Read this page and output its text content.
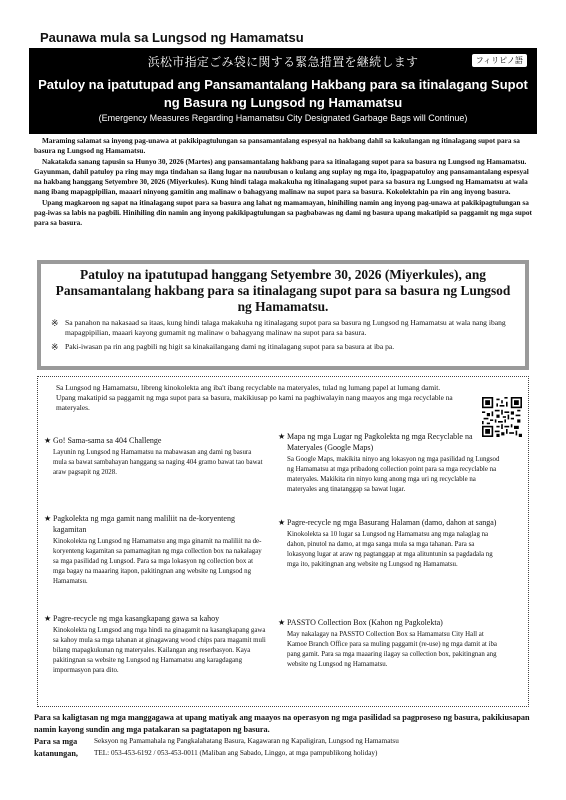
Paunawa mula sa Lungsod ng Hamamatsu
浜松市指定ごみ袋に関する緊急措置を継続します	フィリピノ語
Patuloy na ipatutupad ang Pansamantalang Hakbang para sa itinalagang Supot
ng Basura ng Lungsod ng Hamamatsu
(Emergency Measures Regarding Hamamatsu City Designated Garbage Bags will Continue)

Maraming salamat sa inyong pag-unawa at pakikipagtulungan sa pansamantalang espesyal na hakbang dahil sa kakulangan ng itinalagang supot para sa basura ng Lungsod ng Hamamatsu.

Nakatakda sanang tapusin sa Hunyo 30, 2026 (Martes) ang pansamantalang hakbang para sa itinalagang supot para sa basura ng Lungsod ng Hamamatsu. Gayunman, dahil patuloy pa ring may mga tindahan sa ilang lugar na nauubusan o kulang ang suplay ng mga ito, ipagpapatuloy ang pansamantalang espesyal na hakbang hanggang Setyembre 30, 2026 (Miyerkules). Kung hindi talaga makakuha ng itinalagang supot para sa basura ng Lungsod ng Hamamatsu at wala nang ibang mapagpipilian, maaari ninyong gamitin ang malinaw o bahagyang malinaw na supot para sa basura. Kokolektahin pa rin ang inyong basura.

Upang magkaroon ng sapat na itinalagang supot para sa basura ang lahat ng mamamayan, hinihiling namin ang inyong pag-unawa at pakikipagtulungan sa pag-iwas sa labis na pagbili. Hinihiling din namin ang inyong pakikipagtulungan sa pagbabawas ng dami ng basura upang makatipid sa paggamit ng mga supot para sa basura.

Patuloy na ipatutupad hanggang Setyembre 30, 2026 (Miyerkules), ang Pansamantalang hakbang para sa itinalagang supot para sa basura ng Lungsod ng Hamamatsu.
※ Sa panahon na nakasaad sa itaas, kung hindi talaga makakuha ng itinalagang supot para sa basura ng Lungsod ng Hamamatsu at wala nang ibang mapagpipilian, maaari kayong gumamit ng malinaw o bahagyang malinaw na supot para sa basura.
※ Paki-iwasan pa rin ang pagbili ng higit sa kinakailangang dami ng itinalagang supot para sa basura at iba pa.
Sa Lungsod ng Hamamatsu, libreng kinokolekta ang iba't ibang recyclable na materyales, tulad ng lumang papel at lumang damit.
Upang makatipid sa paggamit ng mga supot para sa basura, makikiusap po kami na paghiwalayin nang maayos ang mga recyclable na materyales.
★ Go! Sama-sama sa 404 Challenge
Layunin ng Lungsod ng Hamamatsu na mabawasan ang dami ng basura mula sa bawat sambahayan hanggang sa naging 404 gramo bawat tao bawat araw pagsapit ng 2028.
★ Mapa ng mga Lugar ng Pagkolekta ng mga Recyclable na Materyales (Google Maps)
Sa Google Maps, makikita ninyo ang lokasyon ng mga pasilidad ng Lungsod ng Hamamatsu at mga pribadong collection point para sa mga recyclable na materyales. Makikita rin ninyo kung anong mga uri ng recyclable na materyales ang tinatanggap sa bawat lugar.
★ Pagkolekta ng mga gamit nang maliliit na de-koryenteng kagamitan
Kinokolekta ng Lungsod ng Hamamatsu ang mga ginamit na maliliit na de-koryenteng kagamitan sa pamamagitan ng mga collection box na nakalagay sa mga pasilidad ng Lungsod. Para sa mga lokasyon ng collection box at mga bagay na maaaring itapon, pakitingnan ang website ng Lungsod ng Hamamatsu.
★ Pagre-recycle ng mga Basurang Halaman (damo, dahon at sanga)
Kinokolekta sa 10 lugar sa Lungsod ng Hamamatsu ang mga nalaglag na dahon, pinutol na damo, at mga sanga mula sa mga tahanan. Para sa lokasyong lugar at araw ng pagtanggap at mga alituntunin sa pagdadala ng mga ito, pakitingnan ang website ng Lungsod ng Hamamatsu.
★ Pagre-recycle ng mga kasangkapang gawa sa kahoy
Kinokolekta ng Lungsod ang mga hindi na ginagamit na kasangkapang gawa sa kahoy mula sa mga tahanan at ginagawang wood chips para magamit muli bilang mapagkukunan ng materyales. Kailangan ang reserbasyon. Kaya pakitingnan sa website ng Lungsod ng Hamamatsu ang karagdagang impormasyon para dito.
★ PASSTO Collection Box (Kahon ng Pagkolekta)
May nakalagay na PASSTO Collection Box sa Hamamatsu City Hall at Kamoe Branch Office para sa muling paggamit (re-use) ng mga damit at iba pang gamit. Para sa mga maaaring ilagay sa collection box, pakitingnan ang website ng Lungsod ng Hamamatsu.
Para sa kaligtasan ng mga manggagawa at upang matiyak ang maayos na operasyon ng mga pasilidad sa pagproseso ng basura, pakikiusapan namin kayong sundin ang mga patakaran sa pagtatapon ng basura.
Para sa mga katanungan,
Seksyon ng Pamamahala ng Pangkalahatang Basura, Kagawaran ng Kapaligiran, Lungsod ng Hamamatsu
TEL: 053-453-6192 / 053-453-0011 (Maliban ang Sabado, Linggo, at mga pampublikong holiday)
